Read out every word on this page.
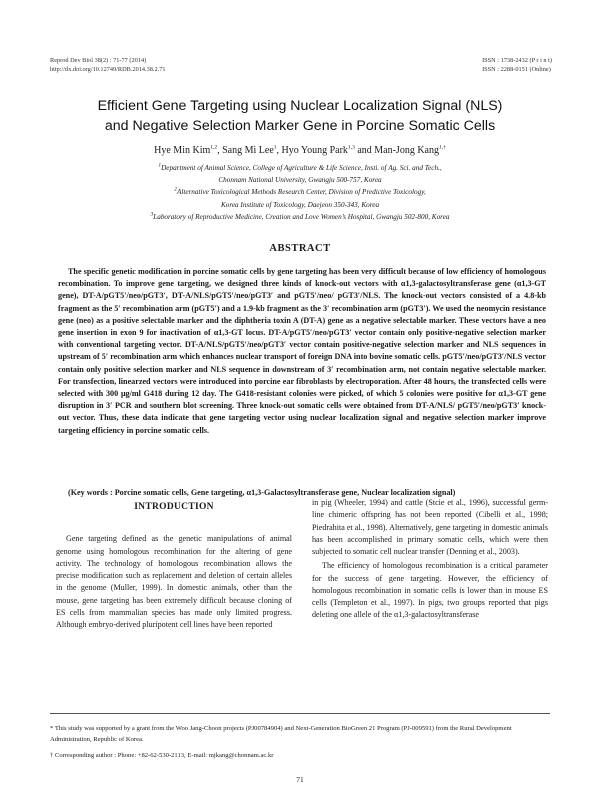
Reprod Dev Biol 38(2) : 71-77 (2014)
http://dx.doi.org/10.12749/RDB.2014.38.2.71
ISSN : 1738-2432 (P r i n t)
ISSN : 2288-0151 (Online)
Efficient Gene Targeting using Nuclear Localization Signal (NLS)
and Negative Selection Marker Gene in Porcine Somatic Cells
Hye Min Kim$^{1,2}$, Sang Mi Lee$^1$, Hyo Young Park$^{1,3}$ and Man-Jong Kang$^{1,\dagger}$
$^1$Department of Animal Science, College of Agriculture & Life Science, Insti. of Ag. Sci. and Tech.,
Chonnam National University, Gwangju 500-757, Korea
$^2$Alternative Toxicological Methods Research Center, Division of Predictive Toxicology,
Korea Institute of Toxicology, Daejeon 350-343, Korea
$^3$Laboratory of Reproductive Medicine, Creation and Love Women’s Hospital, Gwangju 502-800, Korea
ABSTRACT

The specific genetic modification in porcine somatic cells by gene targeting has been very difficult because of low efficiency of homologous recombination. To improve gene targeting, we designed three kinds of knock-out vectors with α1,3-galactosyltransferase gene (α1,3-GT gene), DT-A/pGT5′/neo/pGT3′, DT-A/NLS/pGT5′/neo/pGT3′ and pGT5′/neo/ pGT3′/NLS. The knock-out vectors consisted of a 4.8-kb fragment as the 5′ recombination arm (pGT5′) and a 1.9-kb fragment as the 3′ recombination arm (pGT3′). We used the neomycin resistance gene (neo) as a positive selectable marker and the diphtheria toxin A (DT-A) gene as a negative selectable marker. These vectors have a neo gene insertion in exon 9 for inactivation of α1,3-GT locus. DT-A/pGT5′/neo/pGT3′ vector contain only positive-negative selection marker with conventional targeting vector. DT-A/NLS/pGT5′/neo/pGT3′ vector contain positive-negative selection marker and NLS sequences in upstream of 5′ recombination arm which enhances nuclear transport of foreign DNA into bovine somatic cells. pGT5′/neo/pGT3′/NLS vector contain only positive selection marker and NLS sequence in downstream of 3′ recombination arm, not contain negative selectable marker. For transfection, linearzed vectors were introduced into porcine ear fibroblasts by electroporation. After 48 hours, the transfected cells were selected with 300 μg/ml G418 during 12 day. The G418-resistant colonies were picked, of which 5 colonies were positive for α1,3-GT gene disruption in 3′ PCR and southern blot screening. Three knock-out somatic cells were obtained from DT-A/NLS/ pGT5′/neo/pGT3′ knock-out vector. Thus, these data indicate that gene targeting vector using nuclear localization signal and negative selection marker improve targeting efficiency in porcine somatic cells.

(Key words : Porcine somatic cells, Gene targeting, α1,3-Galactosyltransferase gene, Nuclear localization signal)

INTRODUCTION

Gene targeting defined as the genetic manipulations of animal genome using homologous recombination for the altering of gene activity. The technology of homologous recombination allows the precise modification such as replacement and deletion of certain alleles in the genome (Muller, 1999). In domestic animals, other than the mouse, gene targeting has been extremely difficult because cloning of ES cells from mammalian species has made only limited progress. Although embryo-derived pluripotent cell lines have been reported

in pig (Wheeler, 1994) and cattle (Stcie et al., 1996), successful germ-line chimeric offspring has not been reported (Cibelli et al., 1998; Piedrahita et al., 1998). Alternatively, gene targeting in domestic animals has been accomplished in primary somatic cells, which were then subjected to somatic cell nuclear transfer (Denning et al., 2003).

The efficiency of homologous recombination is a critical parameter for the success of gene targeting. However, the efficiency of homologous recombination in somatic cells is lower than in mouse ES cells (Templeton et al., 1997). In pigs, two groups reported that pigs deleting one allele of the α1,3-galactosyltransferase

* This study was supported by a grant from the Woo Jang-Choon projects (PJ00784904) and Next-Generation BioGreen 21 Program (PJ-009591) from the Rural Development Administration, Republic of Korea.
† Corresponding author : Phone: +82-62-530-2113, E-mail: mjkang@chonnam.ac.kr
71
